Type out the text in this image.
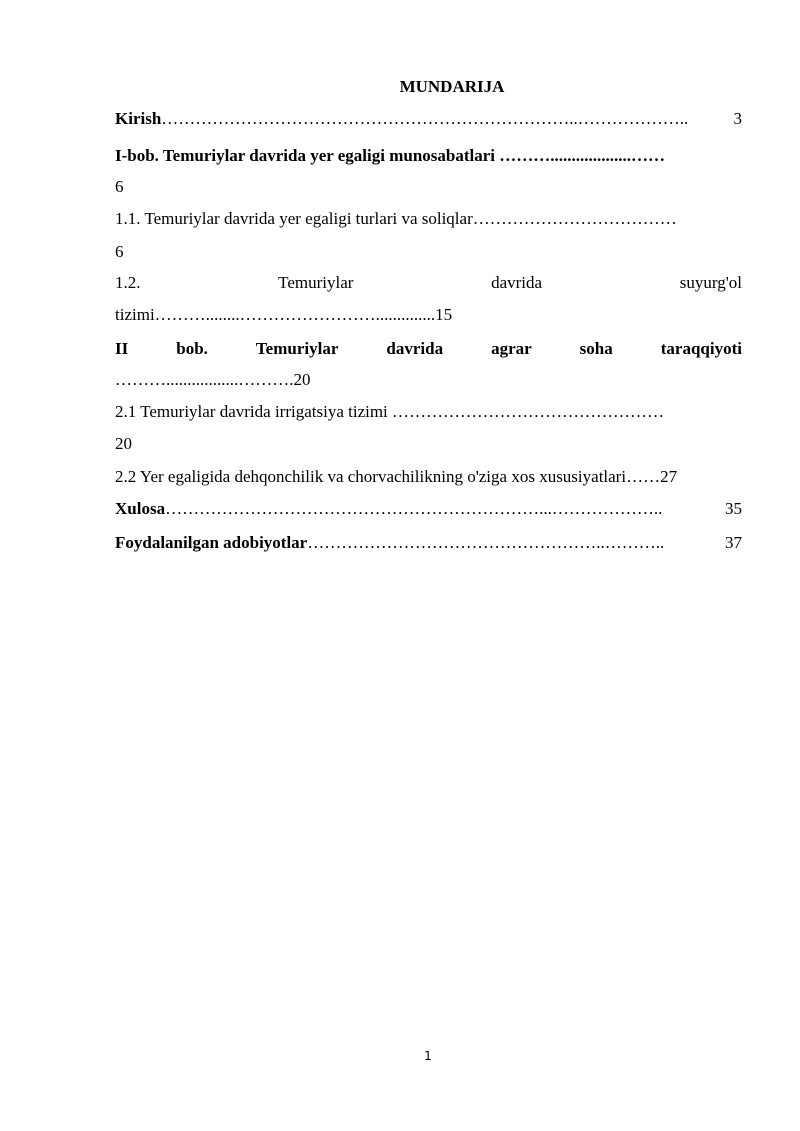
MUNDARIJA
Kirish ………………………………………………………………..………………..	3
I-bob. Temuriylar davrida yer egaligi munosabatlari ………...................……
6
1.1. Temuriylar davrida yer egaligi turlari va soliqlar………………………………
6
1.2.	Temuriylar	davrida	suyurg'ol
tizimi………........……………………..............15
II	bob.	Temuriylar	davrida	agrar	soha	taraqqiyoti
……….................……….20
2.1 Temuriylar davrida irrigatsiya tizimi …………………………………………
20
2.2 Yer egaligida dehqonchilik va chorvachilikning o'ziga xos xususiyatlari……27
Xulosa …………………………………………………………...………………..	35
Foydalanilgan adobiyotlar ……………………………………………..………..	37
1
